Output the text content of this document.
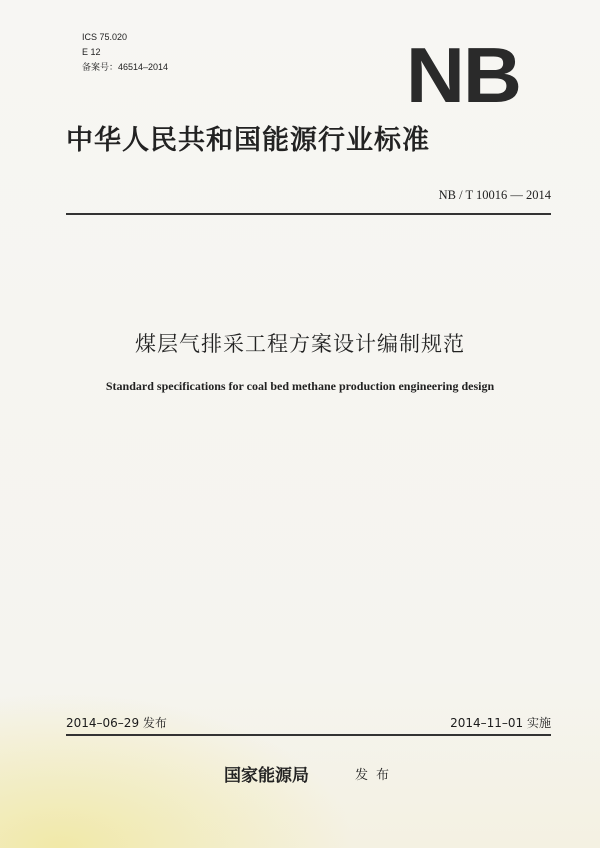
ICS 75.020
E 12
备案号：46514–2014	NB
中华人民共和国能源行业标准
NB / T 10016 — 2014
煤层气排采工程方案设计编制规范
Standard specifications for coal bed methane production engineering design
2014–06–29 发布	2014–11–01 实施
国家能源局	发布
